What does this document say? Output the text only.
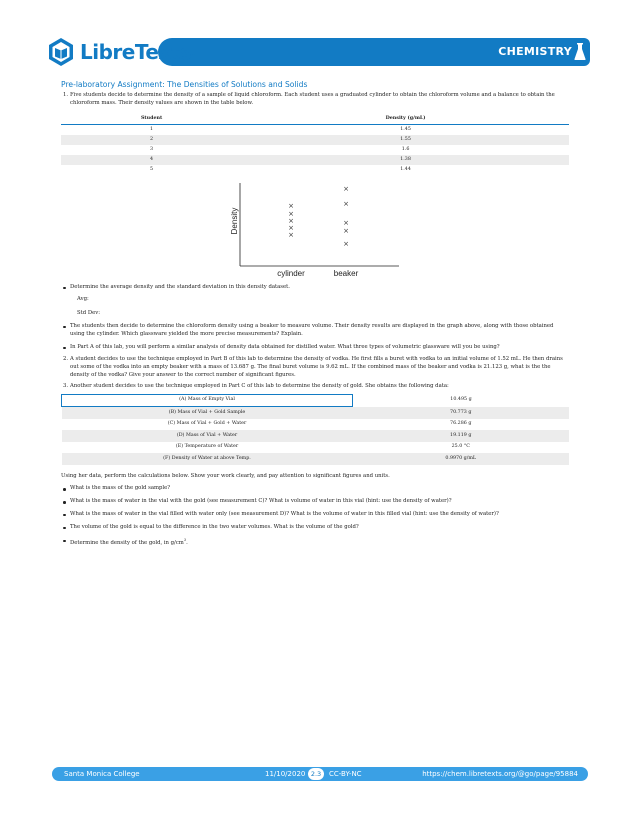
CHEMISTRY
LibreTexts ™
Pre-laboratory Assignment: The Densities of Solutions and Solids
1. Five students decide to determine the density of a sample of liquid chloroform. Each student uses a graduated cylinder to obtain the chloroform volume and a balance to obtain the chloroform mass. Their density values are shown in the table below.
Student	Density (g/mL)
1	1.45
2	1.55
3	1.6
4	1.38
5	1.44
Density
cylinder	beaker
×
×
×
×
×
×
×
×
×
×
Determine the average density and the standard deviation in this density dataset.
Avg:
Std Dev:
The students then decide to determine the chloroform density using a beaker to measure volume. Their density results are displayed in the graph above, along with those obtained using the cylinder. Which glassware yielded the more precise measurements? Explain.
In Part A of this lab, you will perform a similar analysis of density data obtained for distilled water. What three types of volumetric glassware will you be using?
2. A student decides to use the technique employed in Part B of this lab to determine the density of vodka. He first fills a buret with vodka to an initial volume of 1.52 mL. He then drains out some of the vodka into an empty beaker with a mass of 13.687 g. The final buret volume is 9.62 mL. If the combined mass of the beaker and vodka is 21.123 g, what is the the density of the vodka? Give your answer to the correct number of significant figures.
3. Another student decides to use the technique employed in Part C of this lab to determine the density of gold. She obtains the following data:
(A) Mass of Empty Vial	10.495 g
(B) Mass of Vial + Gold Sample	70.773 g
(C) Mass of Vial + Gold + Water	76.286 g
(D) Mass of Vial + Water	19.119 g
(E) Temperature of Water	25.0 °C
(F) Density of Water at above Temp.	0.9970 g/mL
Using her data, perform the calculations below. Show your work clearly, and pay attention to significant figures and units.
What is the mass of the gold sample?
What is the mass of water in the vial with the gold (see measurement C)? What is volume of water in this vial (hint: use the density of water)?
What is the mass of water in the vial filled with water only (see measurement D)? What is the volume of water in this filled vial (hint: use the density of water)?
The volume of the gold is equal to the difference in the two water volumes. What is the volume of the gold?
Determine the density of the gold, in $g/cm^3$.
Santa Monica College	11/10/2020 2.3	CC-BY-NC	https://chem.libretexts.org/@go/page/95884
